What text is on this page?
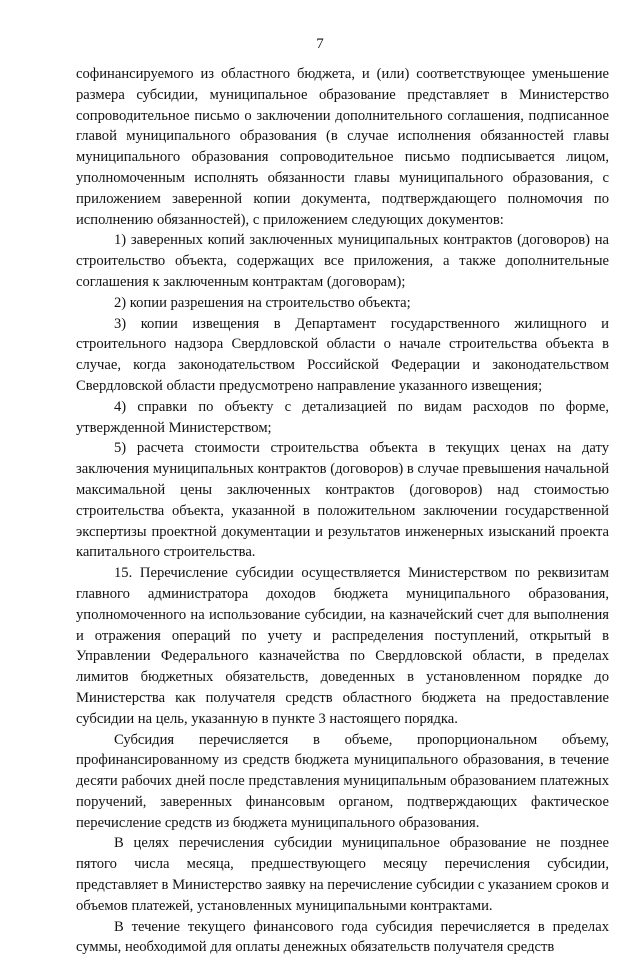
7

софинансируемого из областного бюджета, и (или) соответствующее уменьшение размера субсидии, муниципальное образование представляет в Министерство сопроводительное письмо о заключении дополнительного соглашения, подписанное главой муниципального образования (в случае исполнения обязанностей главы муниципального образования сопроводительное письмо подписывается лицом, уполномоченным исполнять обязанности главы муниципального образования, с приложением заверенной копии документа, подтверждающего полномочия по исполнению обязанностей), с приложением следующих документов:

1) заверенных копий заключенных муниципальных контрактов (договоров) на строительство объекта, содержащих все приложения, а также дополнительные соглашения к заключенным контрактам (договорам);

2) копии разрешения на строительство объекта;

3) копии извещения в Департамент государственного жилищного и строительного надзора Свердловской области о начале строительства объекта в случае, когда законодательством Российской Федерации и законодательством Свердловской области предусмотрено направление указанного извещения;

4) справки по объекту с детализацией по видам расходов по форме, утвержденной Министерством;

5) расчета стоимости строительства объекта в текущих ценах на дату заключения муниципальных контрактов (договоров) в случае превышения начальной максимальной цены заключенных контрактов (договоров) над стоимостью строительства объекта, указанной в положительном заключении государственной экспертизы проектной документации и результатов инженерных изысканий проекта капитального строительства.

15. Перечисление субсидии осуществляется Министерством по реквизитам главного администратора доходов бюджета муниципального образования, уполномоченного на использование субсидии, на казначейский счет для выполнения и отражения операций по учету и распределения поступлений, открытый в Управлении Федерального казначейства по Свердловской области, в пределах лимитов бюджетных обязательств, доведенных в установленном порядке до Министерства как получателя средств областного бюджета на предоставление субсидии на цель, указанную в пункте 3 настоящего порядка.

Субсидия перечисляется в объеме, пропорциональном объему, профинансированному из средств бюджета муниципального образования, в течение десяти рабочих дней после представления муниципальным образованием платежных поручений, заверенных финансовым органом, подтверждающих фактическое перечисление средств из бюджета муниципального образования.

В целях перечисления субсидии муниципальное образование не позднее пятого числа месяца, предшествующего месяцу перечисления субсидии, представляет в Министерство заявку на перечисление субсидии с указанием сроков и объемов платежей, установленных муниципальными контрактами.

В течение текущего финансового года субсидия перечисляется в пределах суммы, необходимой для оплаты денежных обязательств получателя средств
